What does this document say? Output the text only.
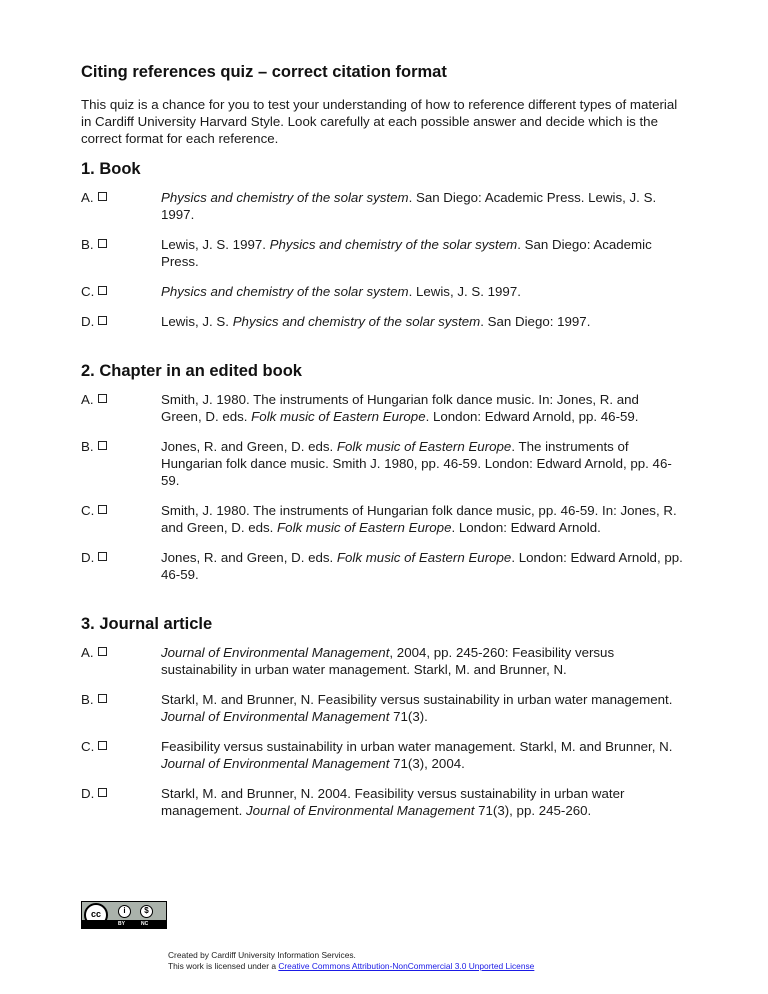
Citing references quiz – correct citation format
This quiz is a chance for you to test your understanding of how to reference different types of material in Cardiff University Harvard Style. Look carefully at each possible answer and decide which is the correct format for each reference.
1. Book
A.	Physics and chemistry of the solar system. San Diego: Academic Press. Lewis, J. S. 1997.
B.	Lewis, J. S. 1997. Physics and chemistry of the solar system. San Diego: Academic Press.
C.	Physics and chemistry of the solar system. Lewis, J. S. 1997.
D.	Lewis, J. S. Physics and chemistry of the solar system. San Diego: 1997.
2. Chapter in an edited book
A.	Smith, J. 1980. The instruments of Hungarian folk dance music. In: Jones, R. and Green, D. eds. Folk music of Eastern Europe. London: Edward Arnold, pp. 46-59.
B.	Jones, R. and Green, D. eds. Folk music of Eastern Europe. The instruments of Hungarian folk dance music. Smith J. 1980, pp. 46-59. London: Edward Arnold, pp. 46-59.
C.	Smith, J. 1980. The instruments of Hungarian folk dance music, pp. 46-59. In: Jones, R. and Green, D. eds. Folk music of Eastern Europe. London: Edward Arnold.
D.	Jones, R. and Green, D. eds. Folk music of Eastern Europe. London: Edward Arnold, pp. 46-59.
3. Journal article
A.	Journal of Environmental Management, 2004, pp. 245-260: Feasibility versus sustainability in urban water management. Starkl, M. and Brunner, N.
B.	Starkl, M. and Brunner, N. Feasibility versus sustainability in urban water management. Journal of Environmental Management 71(3).
C.	Feasibility versus sustainability in urban water management. Starkl, M. and Brunner, N. Journal of Environmental Management 71(3), 2004.
D.	Starkl, M. and Brunner, N. 2004. Feasibility versus sustainability in urban water management. Journal of Environmental Management 71(3), pp. 245-260.
cc	i	$
BY	NC
Created by Cardiff University Information Services.
This work is licensed under a Creative Commons Attribution-NonCommercial 3.0 Unported License
